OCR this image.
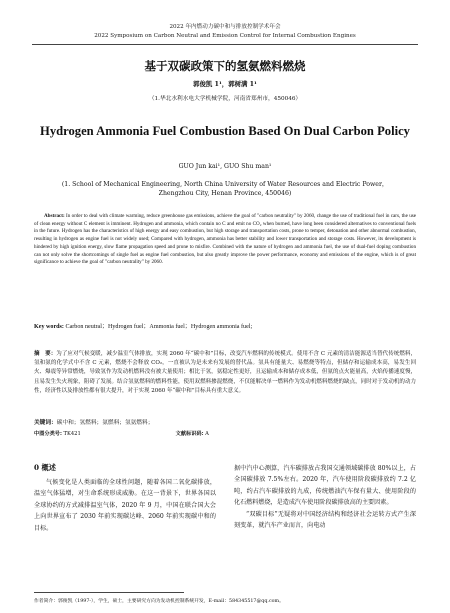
2022 年内燃动力碳中和与排放控制学术年会
2022 Symposium on Carbon Neutral and Emission Control for Internal Combustion Engines
基于双碳政策下的氢氨燃料燃烧
郭俊凯 1¹，郭树满 1¹
（1.华北水利水电大学机械学院，河南省郑州市，450046）
Hydrogen Ammonia Fuel Combustion Based On Dual Carbon Policy
GUO Jun kai¹, GUO Shu man¹
(1. School of Mechanical Engineering, North China University of Water Resources and Electric Power，Zhengzhou City, Henan Province, 450046)
Abstract: In order to deal with climate warming, reduce greenhouse gas emissions, achieve the goal of "carbon neutrality" by 2060, change the use of traditional fuel in cars, the use of clean energy without C element is imminent. Hydrogen and ammonia, which contain no C and emit no CO₂ when burned, have long been considered alternatives to conventional fuels in the future. Hydrogen has the characteristics of high energy and easy combustion, but high storage and transportation costs, prone to temper, detonation and other abnormal combustion, resulting in hydrogen as engine fuel is not widely used; Compared with hydrogen, ammonia has better stability and lower transportation and storage costs. However, its development is hindered by high ignition energy, slow flame propagation speed and prone to misfire. Combined with the nature of hydrogen and ammonia fuel, the use of dual-fuel doping combustion can not only solve the shortcomings of single fuel as engine fuel combustion, but also greatly improve the power performance, economy and emissions of the engine, which is of great significance to achieve the goal of "carbon neutrality" by 2060.
Key words: Carbon neutral；Hydrogen fuel；Ammonia fuel；Hydrogen ammonia fuel;
摘　要：为了应对气候变暖，减少温室气体排放，实现 2060 年“碳中和”目标，改变汽车燃料的传统模式。使用不含 C 元素的清洁能源适当替代传统燃料，氢和氨的化学式中不含 C 元素，燃烧不会释放 CO₂，一直被认为是未来有发展的替代品。氢具有能量大、易燃烧等特点，但储存和运输成本高，易发生回火、爆震等异常燃烧，导致氢作为发动机燃料没有被大量使用；相比于氢，氨稳定性更好，且运输成本和储存成本低，但氨的点火能量高，火焰传播速度慢，且易发生失火现象，阻碍了发展。结合氢氨燃料的燃料性能，使用双燃料掺混燃烧，不仅能解决单一燃料作为发动机燃料燃烧的缺点，同时对于发动机的动力性，经济性以及排放性都有很大提升，对于实现 2060 年“碳中和”目标具有重大意义。
关键词：碳中和；氢燃料；氨燃料；氢氨燃料；
中图分类号: TK421	文献标识码: A
0 概述
气候变化是人类面临的全球性问题，随着各国二氧化碳排放，温室气体猛增，对生命系统形成威胁。在这一背景下，世界各国以全球协约的方式减排温室气体，2020 年 9 月，中国在联合国大会上向世界宣布了 2030 年前实现碳达峰、2060 年前实现碳中和的目标。

据中汽中心测算，汽车碳排放占我国交通领域碳排放 80%以上，占全国碳排放 7.5%左右。2020 年，汽车使用阶段碳排放约 7.2 亿吨，约占汽车碳排放的九成，传统燃油汽车保有量大、使用阶段的化石燃料燃烧，是造成汽车使用阶段碳排放高的主要因素。

“双碳目标”无疑将对中国经济结构和经济社会运转方式产生深刻变革，就汽车产业而言，向电动

作者简介：郭俊凯（1997-），学生，硕士，主要研究方向为发动机控制系统开发，E-mail：584345517@qq.com。
